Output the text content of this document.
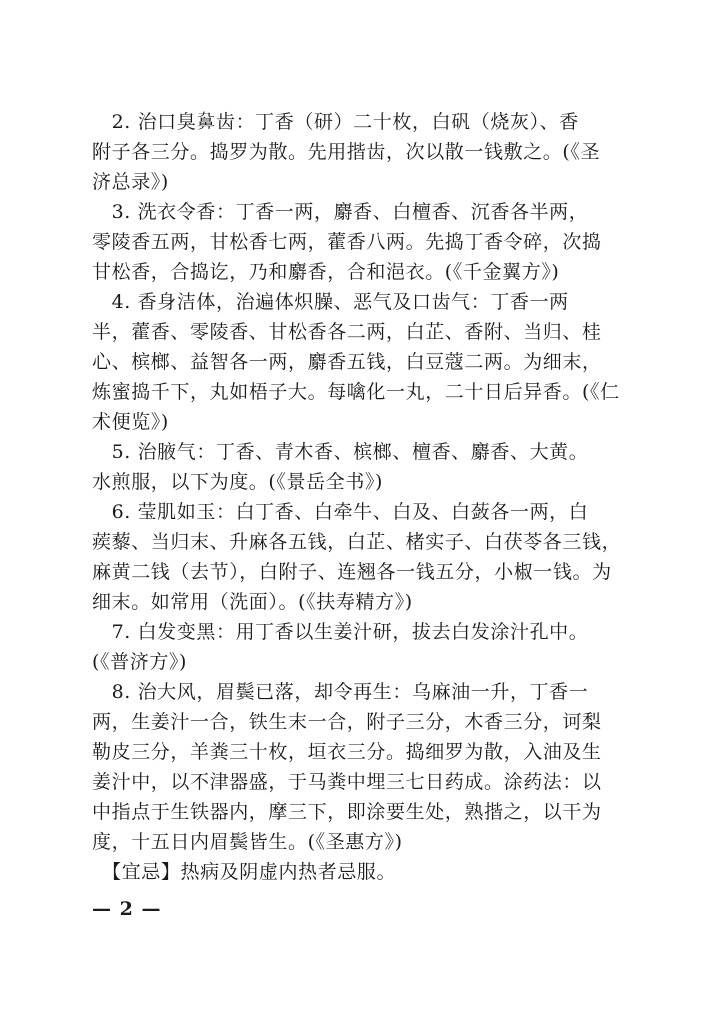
　2. 治口臭𪖒齿：丁香（研）二十枚，白矾（烧灰）、香
附子各三分。捣罗为散。先用揩齿，次以散一钱敷之。(《圣
济总录》)
　3. 洗衣令香：丁香一两，麝香、白檀香、沉香各半两，
零陵香五两，甘松香七两，藿香八两。先捣丁香令碎，次捣
甘松香，合捣讫，乃和麝香，合和浥衣。(《千金翼方》)
　4. 香身洁体，治遍体炽臊、恶气及口齿气：丁香一两
半，藿香、零陵香、甘松香各二两，白芷、香附、当归、桂
心、槟榔、益智各一两，麝香五钱，白豆蔻二两。为细末，
炼蜜捣千下，丸如梧子大。每噙化一丸，二十日后异香。(《仁
术便览》)
　5. 治腋气：丁香、青木香、槟榔、檀香、麝香、大黄。
水煎服，以下为度。(《景岳全书》)
　6. 莹肌如玉：白丁香、白牵牛、白及、白蔹各一两，白
蒺藜、当归末、升麻各五钱，白芷、楮实子、白茯苓各三钱，
麻黄二钱（去节），白附子、连翘各一钱五分，小椒一钱。为
细末。如常用（洗面）。(《扶寿精方》)
　7. 白发变黑：用丁香以生姜汁研，拔去白发涂汁孔中。
(《普济方》)
　8. 治大风，眉鬓已落，却令再生：乌麻油一升，丁香一
两，生姜汁一合，铁生末一合，附子三分，木香三分，诃梨
勒皮三分，羊粪三十枚，垣衣三分。捣细罗为散，入油及生
姜汁中，以不津器盛，于马粪中埋三七日药成。涂药法：以
中指点于生铁器内，摩三下，即涂要生处，熟揩之，以干为
度，十五日内眉鬓皆生。(《圣惠方》)
　【宜忌】热病及阴虚内热者忌服。
— 2 —
